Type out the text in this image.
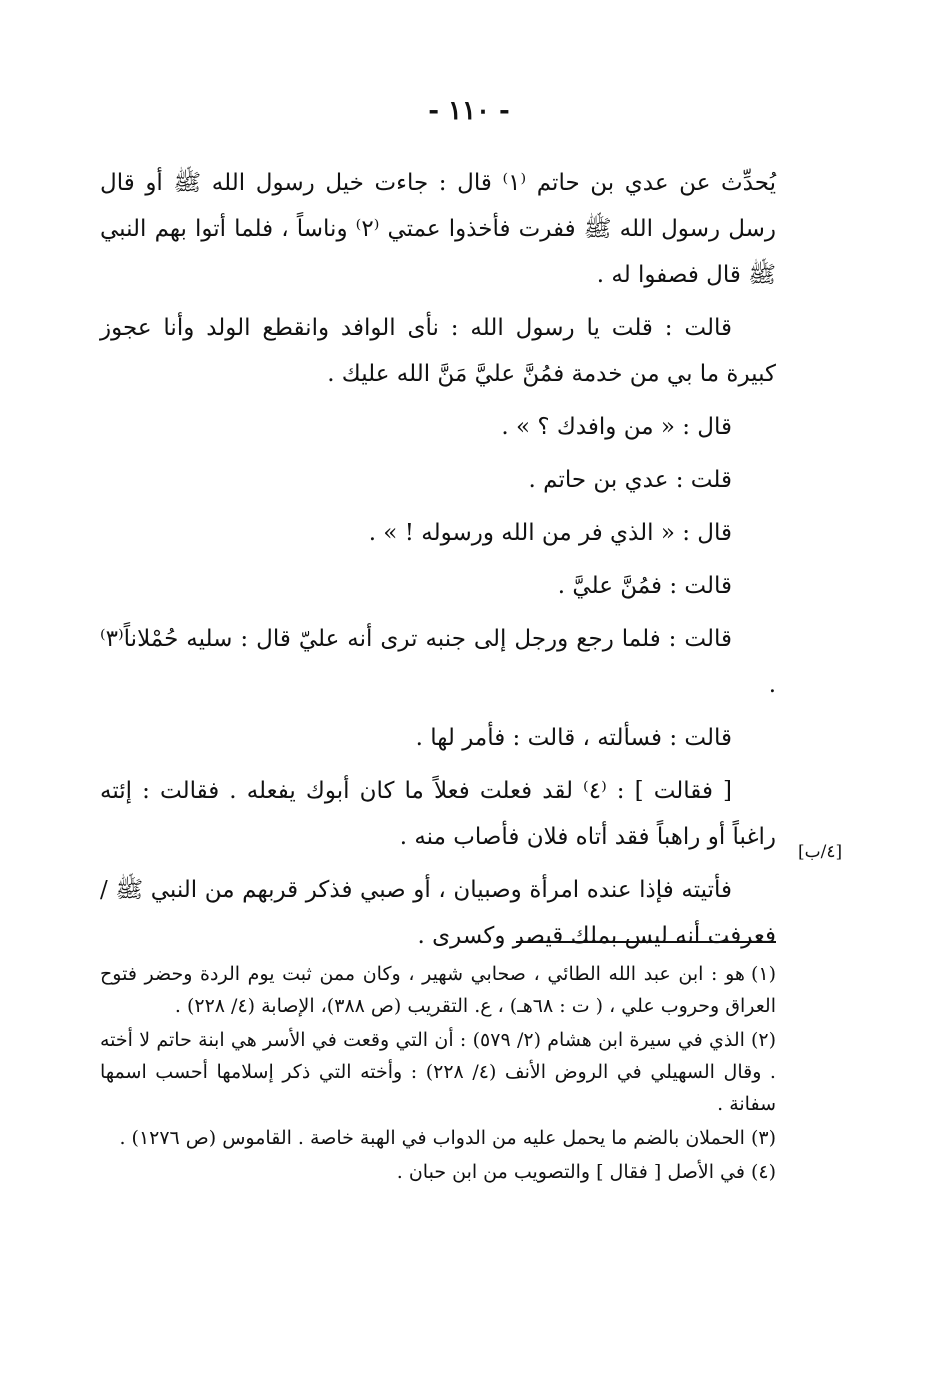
- ١١٠ -

يُحدِّث عن عدي بن حاتم ⁽١⁾ قال : جاءت خيل رسول الله ﷺ أو قال رسل رسول الله ﷺ ففرت فأخذوا عمتي ⁽٢⁾ وناساً ، فلما أتوا بهم النبي ﷺ قال فصفوا له .

قالت : قلت يا رسول الله : نأى الوافد وانقطع الولد وأنا عجوز كبيرة ما بي من خدمة فمُنَّ عليَّ مَنَّ الله عليك .

قال : « من وافدك ؟ » .

قلت : عدي بن حاتم .

قال : « الذي فر من الله ورسوله ! » .

قالت : فمُنَّ عليَّ .

قالت : فلما رجع ورجل إلى جنبه ترى أنه عليّ قال : سليه حُمْلاناً⁽٣⁾ .

قالت : فسألته ، قالت : فأمر لها .

[ فقالت ] : ⁽٤⁾ لقد فعلت فعلاً ما كان أبوك يفعله . فقالت : إئته راغباً أو راهباً فقد أتاه فلان فأصاب منه .

فأتيته فإذا عنده امرأة وصبيان ، أو صبي فذكر قربهم من النبي ﷺ / فعرفت أنه ليس بملك قيصر وكسرى .

[٤/ب]

(١)هو : ابن عبد الله الطائي ، صحابي شهير ، وكان ممن ثبت يوم الردة وحضر فتوح العراق وحروب علي ، ( ت : ٦٨هـ) ، ع. التقريب (ص ٣٨٨)، الإصابة (٤/ ٢٢٨) .

(٢)الذي في سيرة ابن هشام (٢/ ٥٧٩) : أن التي وقعت في الأسر هي ابنة حاتم لا أخته . وقال السهيلي في الروض الأنف (٤/ ٢٢٨) : وأخته التي ذكر إسلامها أحسب اسمها سفانة .

(٣)الحملان بالضم ما يحمل عليه من الدواب في الهبة خاصة . القاموس (ص ١٢٧٦) .

(٤)في الأصل [ فقال ] والتصويب من ابن حبان .
